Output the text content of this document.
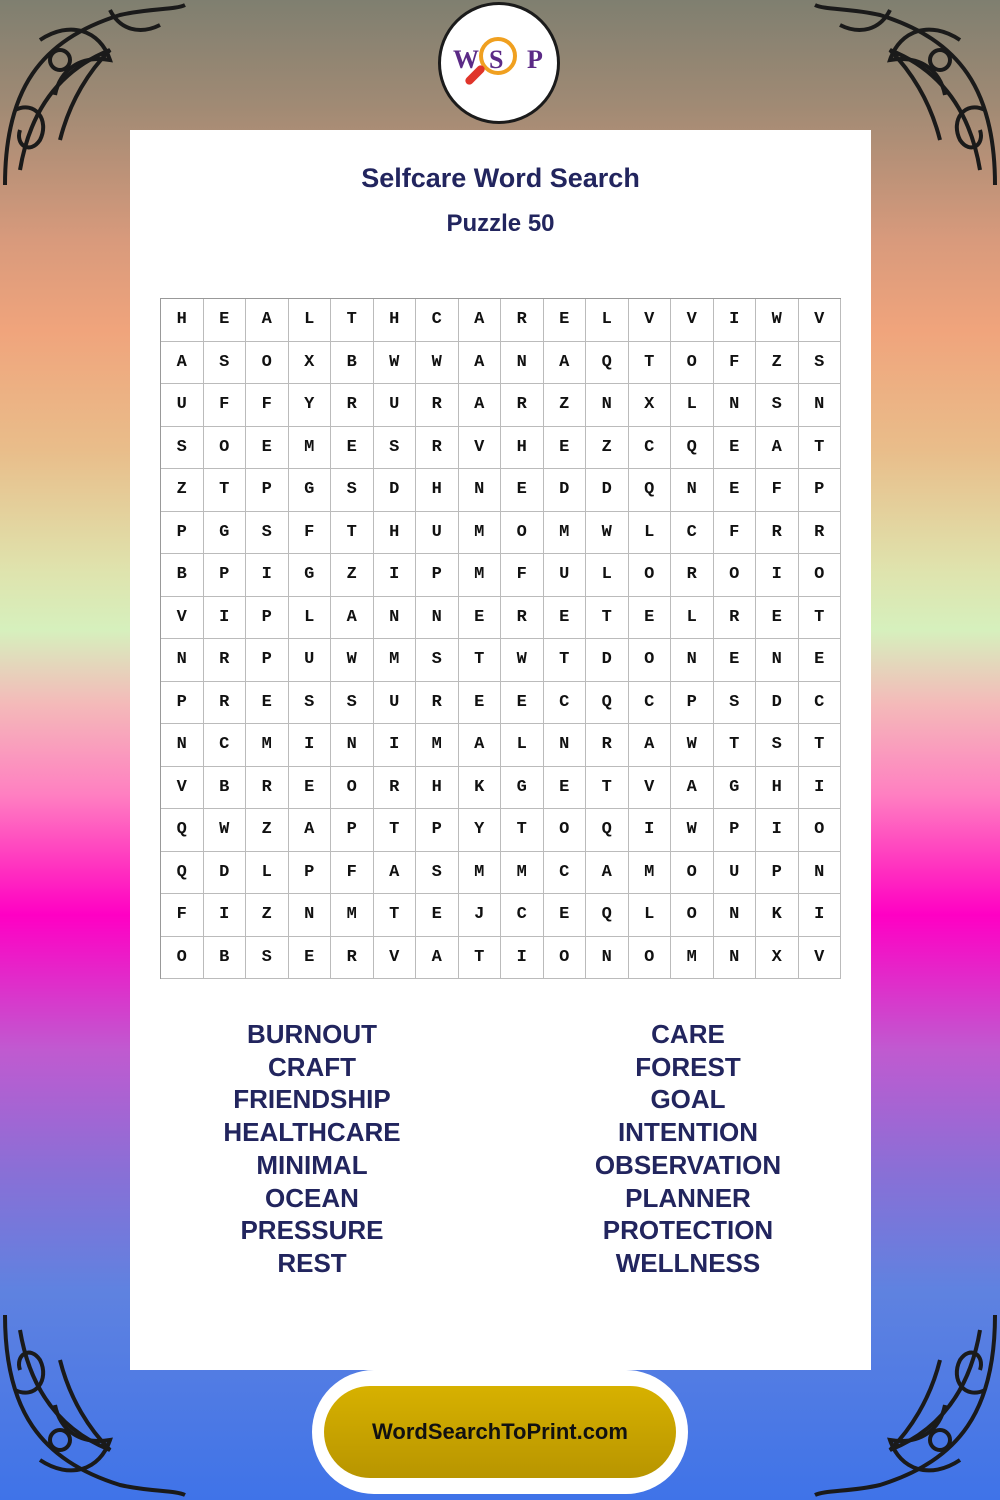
W S P
Selfcare Word Search
Puzzle 50
H	E	A	L	T	H	C	A	R	E	L	V	V	I	W	V
A	S	O	X	B	W	W	A	N	A	Q	T	O	F	Z	S
U	F	F	Y	R	U	R	A	R	Z	N	X	L	N	S	N
S	O	E	M	E	S	R	V	H	E	Z	C	Q	E	A	T
Z	T	P	G	S	D	H	N	E	D	D	Q	N	E	F	P
P	G	S	F	T	H	U	M	O	M	W	L	C	F	R	R
B	P	I	G	Z	I	P	M	F	U	L	O	R	O	I	O
V	I	P	L	A	N	N	E	R	E	T	E	L	R	E	T
N	R	P	U	W	M	S	T	W	T	D	O	N	E	N	E
P	R	E	S	S	U	R	E	E	C	Q	C	P	S	D	C
N	C	M	I	N	I	M	A	L	N	R	A	W	T	S	T
V	B	R	E	O	R	H	K	G	E	T	V	A	G	H	I
Q	W	Z	A	P	T	P	Y	T	O	Q	I	W	P	I	O
Q	D	L	P	F	A	S	M	M	C	A	M	O	U	P	N
F	I	Z	N	M	T	E	J	C	E	Q	L	O	N	K	I
O	B	S	E	R	V	A	T	I	O	N	O	M	N	X	V
BURNOUT
CRAFT
FRIENDSHIP
HEALTHCARE
MINIMAL
OCEAN
PRESSURE
REST
CARE
FOREST
GOAL
INTENTION
OBSERVATION
PLANNER
PROTECTION
WELLNESS
WordSearchToPrint.com
